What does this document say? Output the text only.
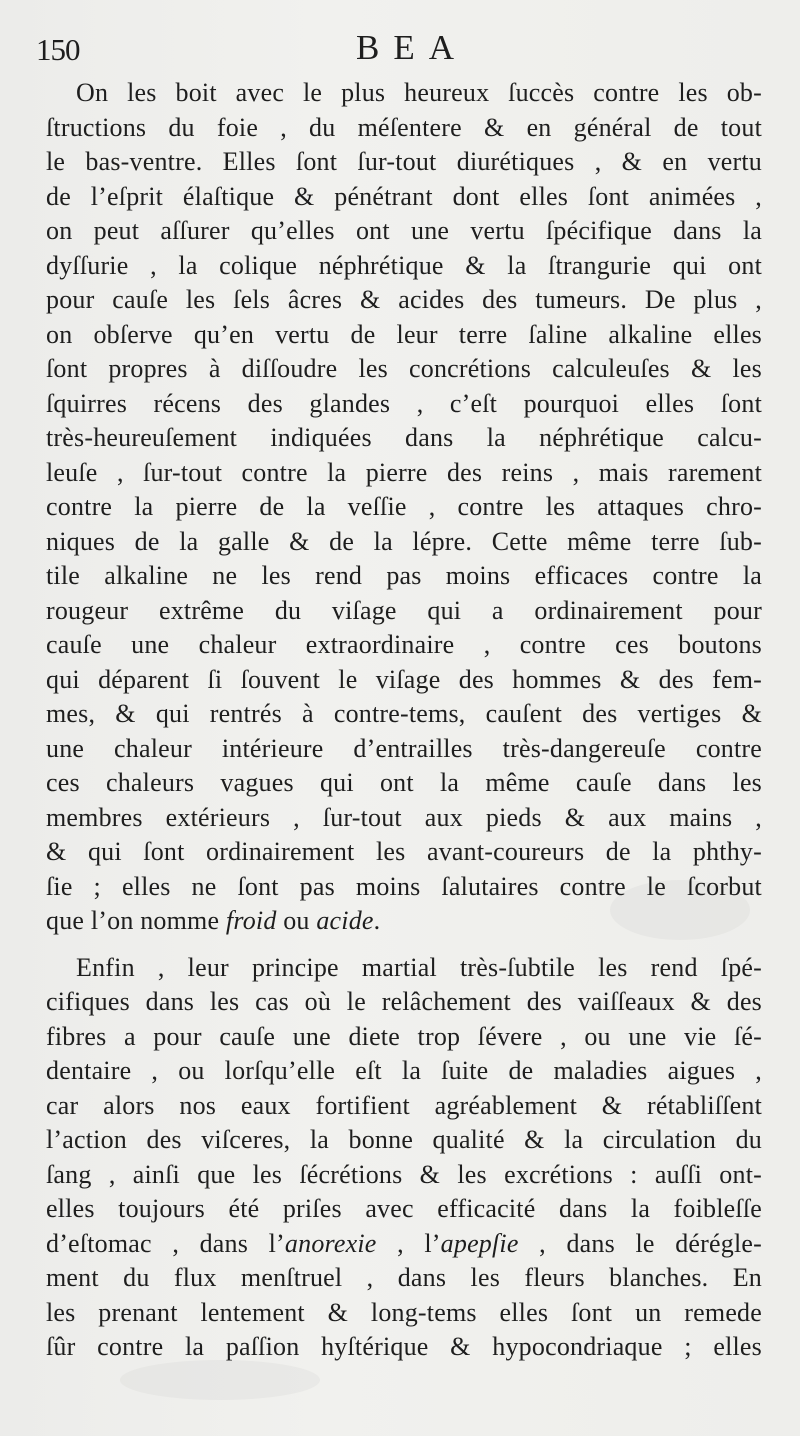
150	BEA
On les boit avec le plus heureux ſuccès contre les ob-
ſtructions du foie , du méſentere & en général de tout
le bas-ventre. Elles ſont ſur-tout diurétiques , & en vertu
de l’eſprit élaſtique & pénétrant dont elles ſont animées ,
on peut aſſurer qu’elles ont une vertu ſpécifique dans la
dyſſurie , la colique néphrétique & la ſtrangurie qui ont
pour cauſe les ſels âcres & acides des tumeurs. De plus ,
on obſerve qu’en vertu de leur terre ſaline alkaline elles
ſont propres à diſſoudre les concrétions calculeuſes & les
ſquirres récens des glandes , c’eſt pourquoi elles ſont
très-heureuſement indiquées dans la néphrétique calcu-
leuſe , ſur-tout contre la pierre des reins , mais rarement
contre la pierre de la veſſie , contre les attaques chro-
niques de la galle & de la lépre. Cette même terre ſub-
tile alkaline ne les rend pas moins efficaces contre la
rougeur extrême du viſage qui a ordinairement pour
cauſe une chaleur extraordinaire , contre ces boutons
qui déparent ſi ſouvent le viſage des hommes & des fem-
mes, & qui rentrés à contre-tems, cauſent des vertiges &
une chaleur intérieure d’entrailles très-dangereuſe contre
ces chaleurs vagues qui ont la même cauſe dans les
membres extérieurs , ſur-tout aux pieds & aux mains ,
& qui ſont ordinairement les avant-coureurs de la phthy-
ſie ; elles ne ſont pas moins ſalutaires contre le ſcorbut
que l’on nomme froid ou acide.
Enfin , leur principe martial très-ſubtile les rend ſpé-
cifiques dans les cas où le relâchement des vaiſſeaux & des
fibres a pour cauſe une diete trop ſévere , ou une vie ſé-
dentaire , ou lorſqu’elle eſt la ſuite de maladies aigues ,
car alors nos eaux fortifient agréablement & rétabliſſent
l’action des viſceres, la bonne qualité & la circulation du
ſang , ainſi que les ſécrétions & les excrétions : auſſi ont-
elles toujours été priſes avec efficacité dans la foibleſſe
d’eſtomac , dans l’anorexie , l’apepſie , dans le dérégle-
ment du flux menſtruel , dans les fleurs blanches. En
les prenant lentement & long-tems elles ſont un remede
ſûr contre la paſſion hyſtérique & hypocondriaque ; elles
